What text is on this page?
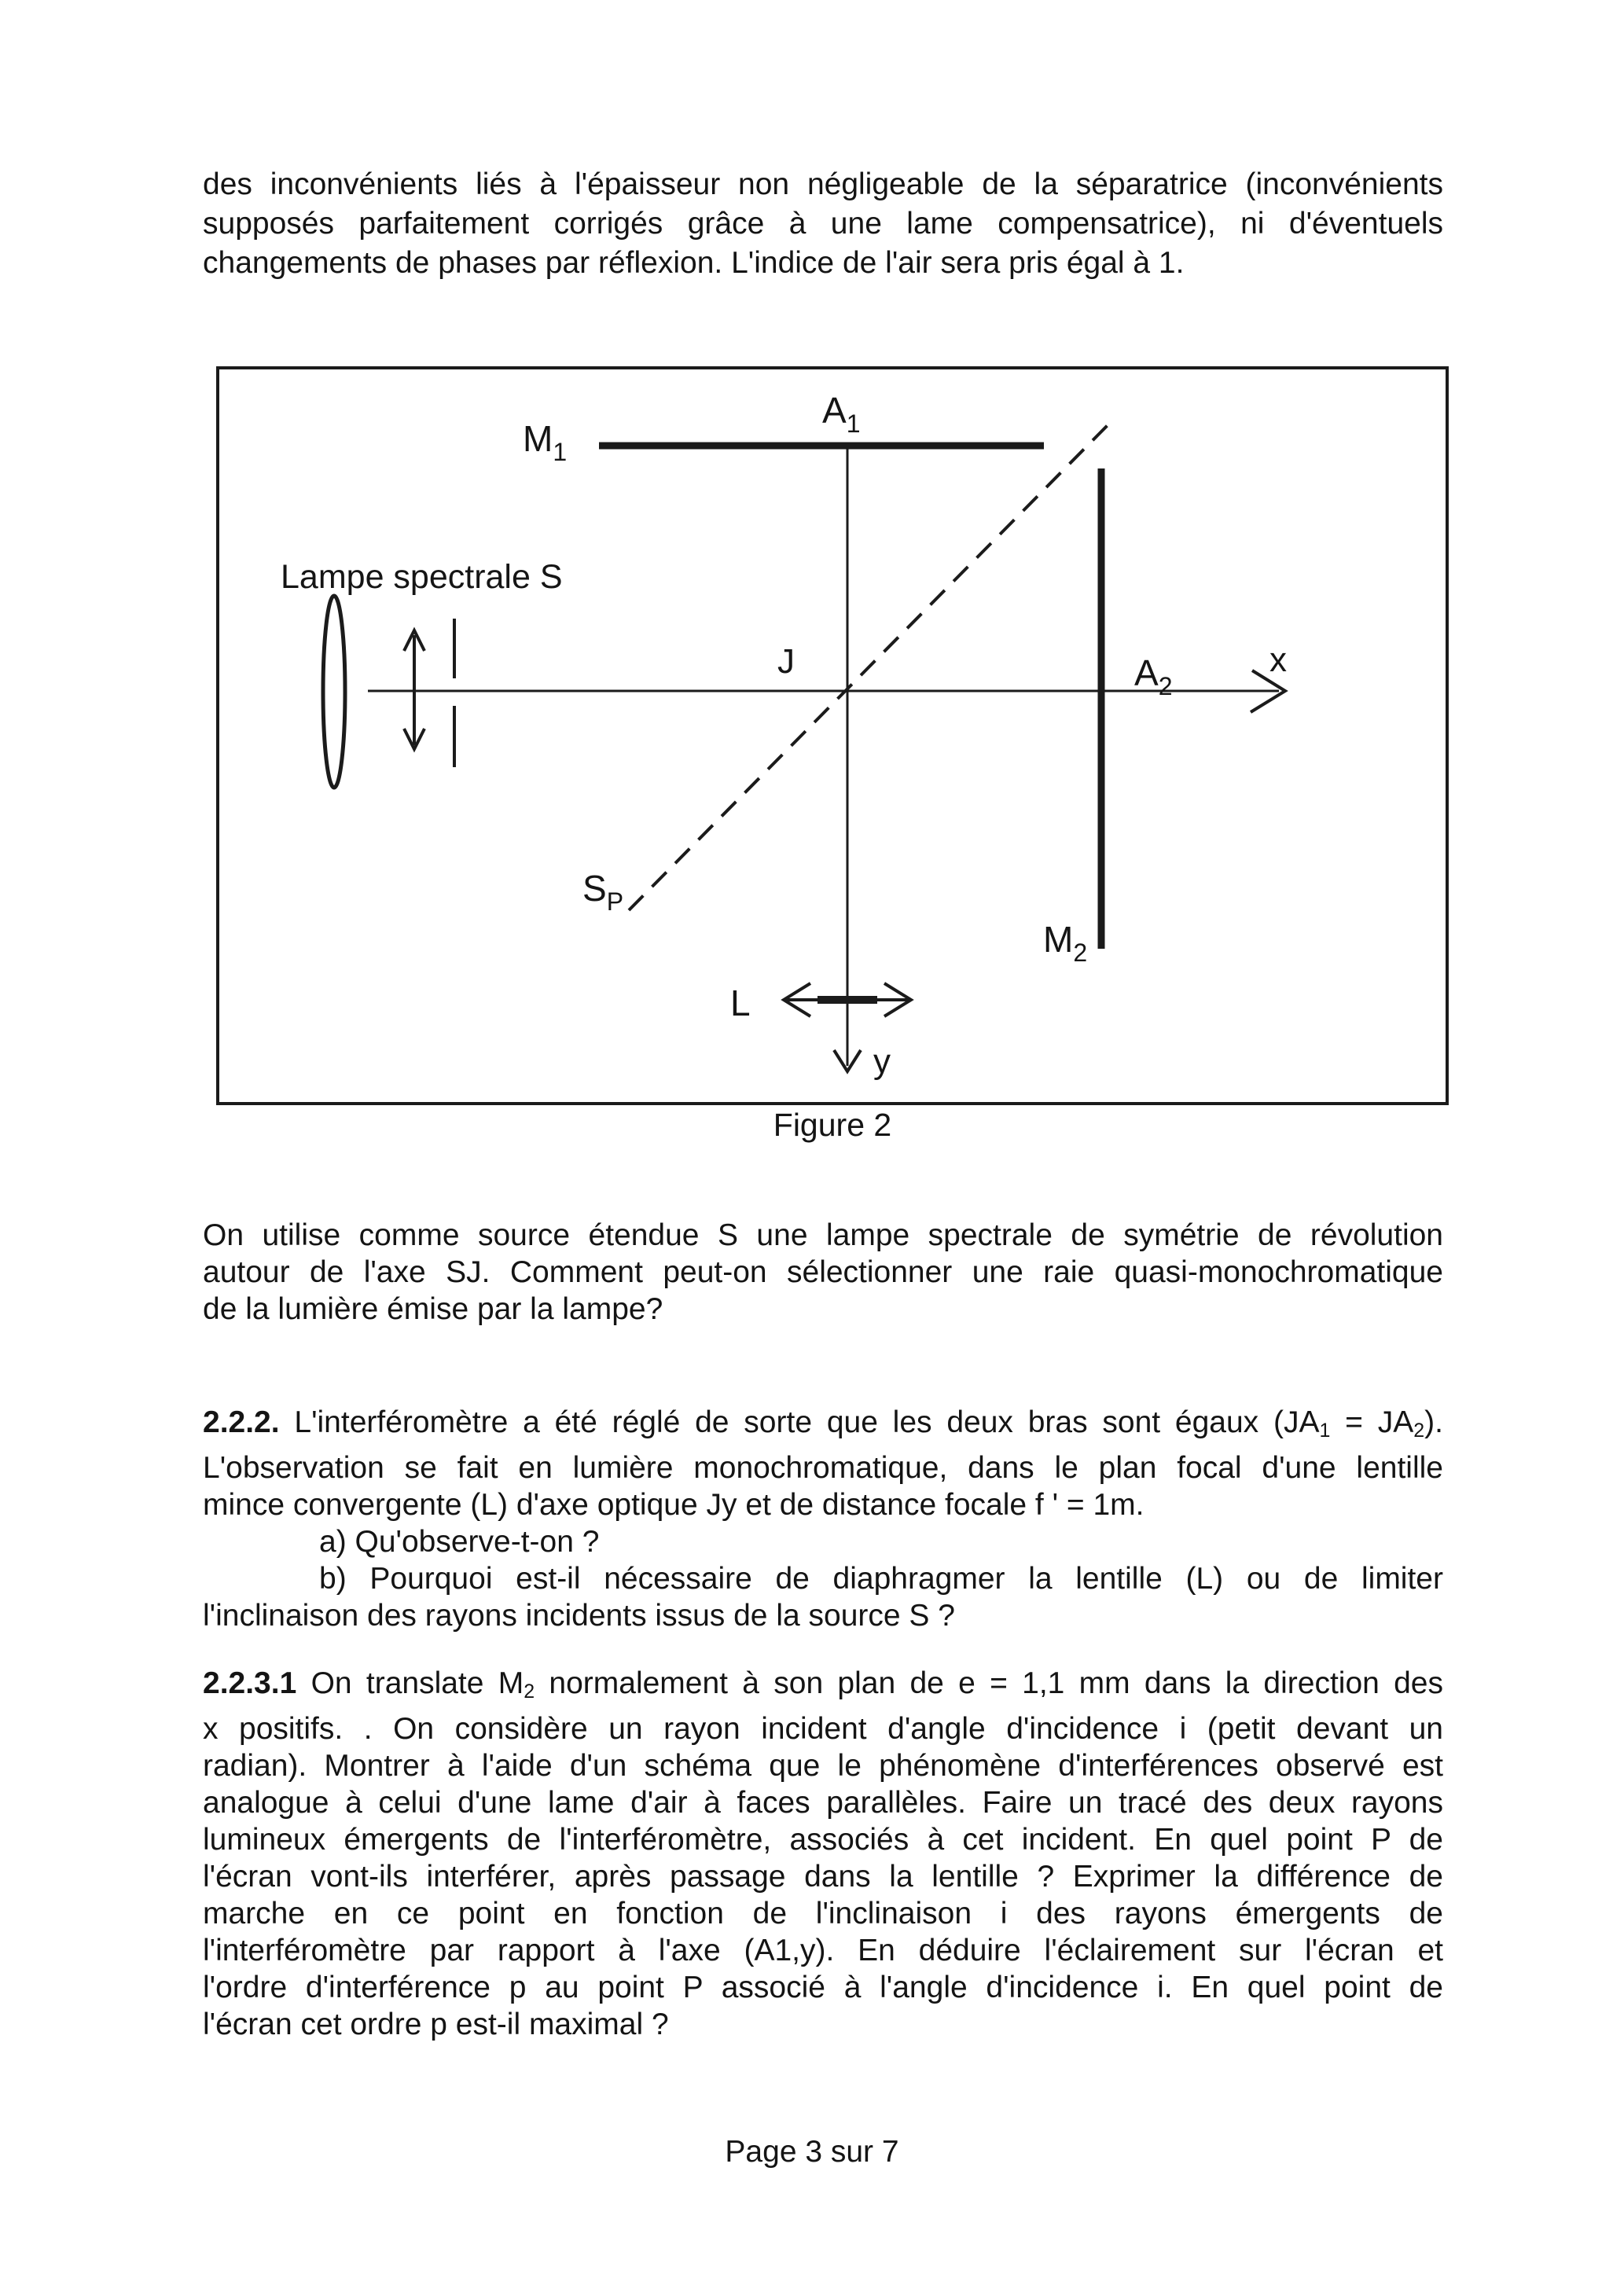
des inconvénients liés à l'épaisseur non négligeable de la séparatrice (inconvénients
supposés parfaitement corrigés grâce à une lame compensatrice), ni d'éventuels
changements de phases par réflexion. L'indice de l'air sera pris égal à 1.
$M_1$
$A_1$
y
x
J	$A_2$
$S_P$
$M_2$
Lampe spectrale S
L
Figure 2
On utilise comme source étendue S une lampe spectrale de symétrie de révolution
autour de l'axe SJ. Comment peut-on sélectionner une raie quasi-monochromatique
de la lumière émise par la lampe?
2.2.2. L'interféromètre a été réglé de sorte que les deux bras sont égaux (JA1 = JA2).
L'observation se fait en lumière monochromatique, dans le plan focal d'une lentille
mince convergente (L) d'axe optique Jy et de distance focale f ' = 1m.
a) Qu'observe-t-on ?
b) Pourquoi est-il nécessaire de diaphragmer la lentille (L) ou de limiter
l'inclinaison des rayons incidents issus de la source S ?
2.2.3.1 On translate M2 normalement à son plan de e = 1,1 mm dans la direction des
x positifs. . On considère un rayon incident d'angle d'incidence i (petit devant un
radian). Montrer à l'aide d'un schéma que le phénomène d'interférences observé est
analogue à celui d'une lame d'air à faces parallèles. Faire un tracé des deux rayons
lumineux émergents de l'interféromètre, associés à cet incident. En quel point P de
l'écran vont-ils interférer, après passage dans la lentille ? Exprimer la différence de
marche en ce point en fonction de l'inclinaison i des rayons émergents de
l'interféromètre par rapport à l'axe (A1,y). En déduire l'éclairement sur l'écran et
l'ordre d'interférence p au point P associé à l'angle d'incidence i. En quel point de
l'écran cet ordre p est-il maximal ?
Page 3 sur 7
